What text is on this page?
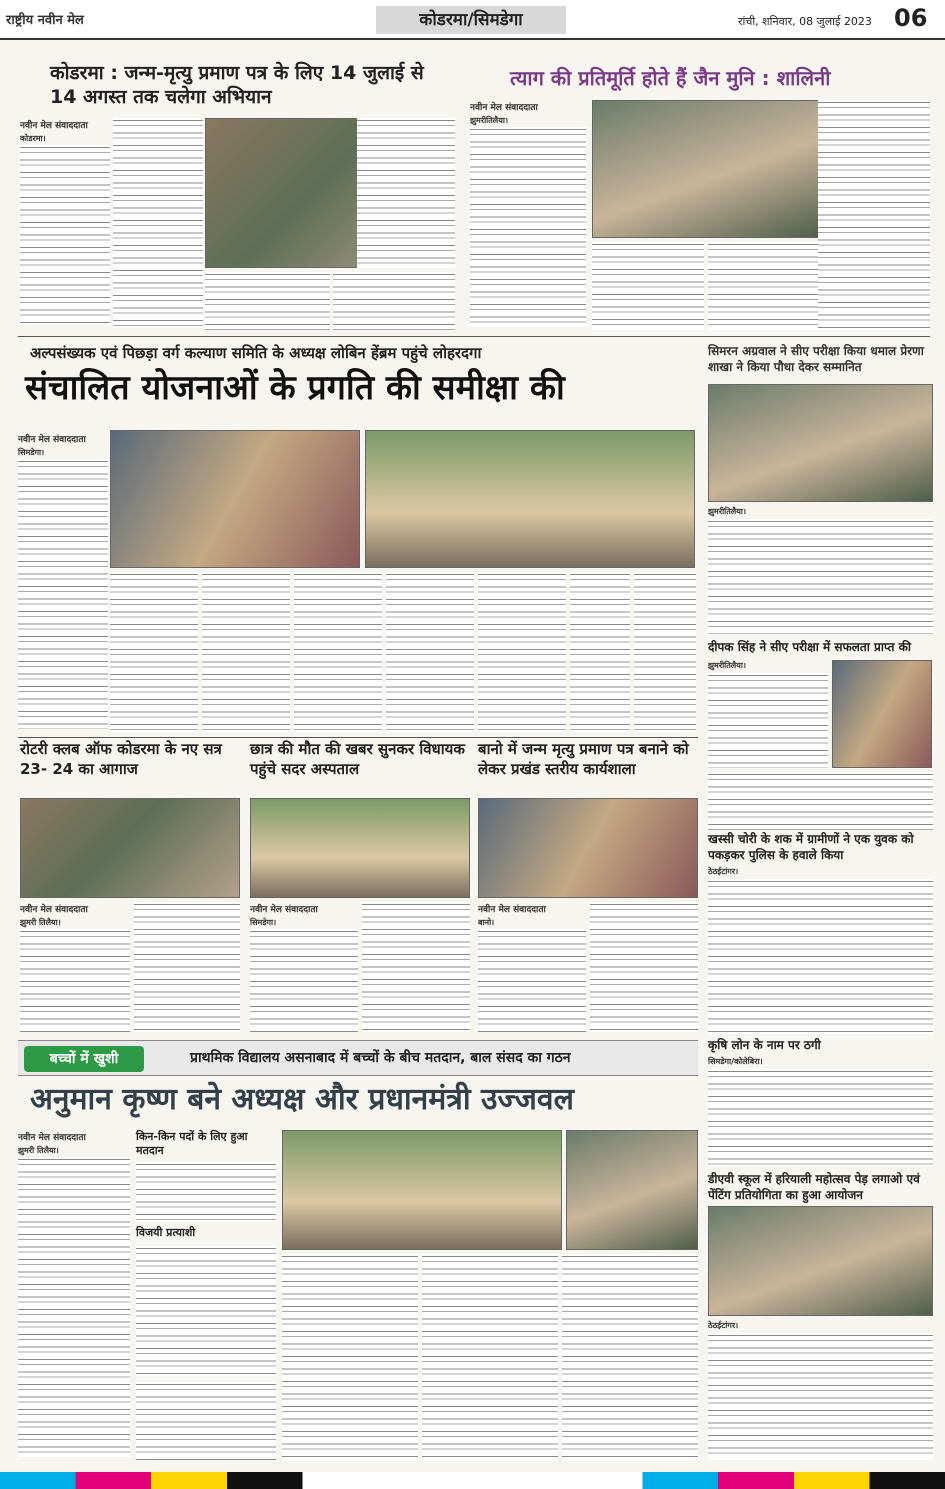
राष्ट्रीय नवीन मेल	कोडरमा/सिमडेगा	रांची, शनिवार, 08 जुलाई 2023 06
कोडरमा : जन्म-मृत्यु प्रमाण पत्र के लिए 14 जुलाई से 14 अगस्त तक चलेगा अभियान
नवीन मेल संवाददाता
कोडरमा।
त्याग की प्रतिमूर्ति होते हैं जैन मुनि : शालिनी
नवीन मेल संवाददाता
झुमरीतिलैया।
अल्पसंख्यक एवं पिछड़ा वर्ग कल्याण समिति के अध्यक्ष लोबिन हेंब्रम पहुंचे लोहरदगा
संचालित योजनाओं के प्रगति की समीक्षा की
नवीन मेल संवाददाता
सिमडेगा।
सिमरन अग्रवाल ने सीए परीक्षा किया धमाल प्रेरणा शाखा ने किया पौधा देकर सम्मानित
झुमरीतिलैया।
दीपक सिंह ने सीए परीक्षा में सफलता प्राप्त की
झुमरीतिलैया।
रोटरी क्लब ऑफ कोडरमा के नए सत्र 23- 24 का आगाज
नवीन मेल संवाददाता
झुमरी तिलैया।
छात्र की मौत की खबर सुनकर विधायक पहुंचे सदर अस्पताल
नवीन मेल संवाददाता
सिमडेगा।
बानो में जन्म मृत्यु प्रमाण पत्र बनाने को लेकर प्रखंड स्तरीय कार्यशाला
नवीन मेल संवाददाता
बानो।
खस्सी चोरी के शक में ग्रामीणों ने एक युवक को पकड़कर पुलिस के हवाले किया
ठेठईटांगर।
कृषि लोन के नाम पर ठगी
सिमडेगा/कोलेबिरा।
डीएवी स्कूल में हरियाली महोत्सव पेड़ लगाओ एवं पेंटिंग प्रतियोगिता का हुआ आयोजन
ठेठईटांगर।
बच्चों में खुशी	प्राथमिक विद्यालय असनाबाद में बच्चों के बीच मतदान, बाल संसद का गठन
अनुमान कृष्ण बने अध्यक्ष और प्रधानमंत्री उज्जवल
नवीन मेल संवाददाता
झुमरी तिलैया।
किन-किन पदों के लिए हुआ मतदान
विजयी प्रत्याशी
